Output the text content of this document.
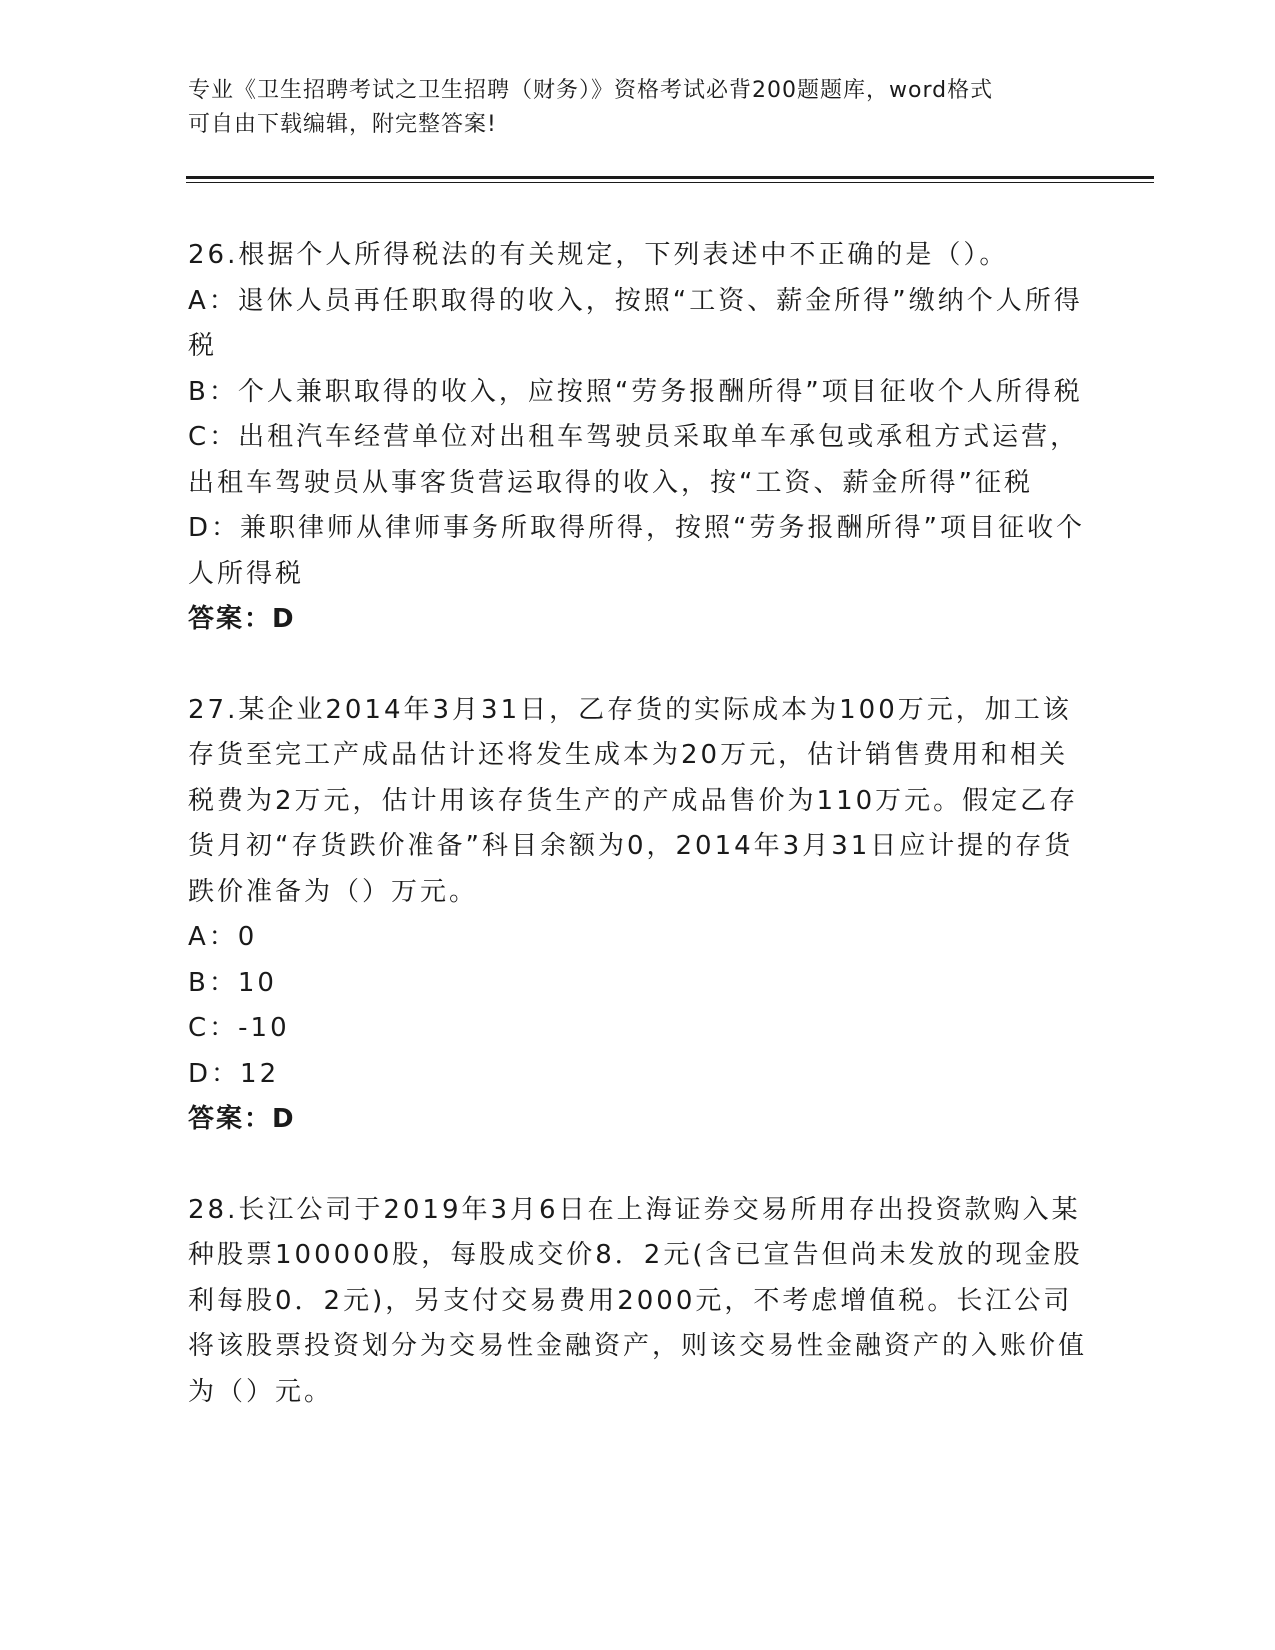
专业《卫生招聘考试之卫生招聘（财务）》资格考试必背200题题库，word格式
可自由下载编辑，附完整答案!

26.根据个人所得税法的有关规定，下列表述中不正确的是（）。

A：退休人员再任职取得的收入，按照“工资、薪金所得”缴纳个人所得税

B：个人兼职取得的收入，应按照“劳务报酬所得”项目征收个人所得税

C：出租汽车经营单位对出租车驾驶员采取单车承包或承租方式运营，出租车驾驶员从事客货营运取得的收入，按“工资、薪金所得”征税

D：兼职律师从律师事务所取得所得，按照“劳务报酬所得”项目征收个人所得税

答案：D

27.某企业2014年3月31日，乙存货的实际成本为100万元，加工该存货至完工产成品估计还将发生成本为20万元，估计销售费用和相关税费为2万元，估计用该存货生产的产成品售价为110万元。假定乙存货月初“存货跌价准备”科目余额为0，2014年3月31日应计提的存货跌价准备为（）万元。

A：0

B：10

C：-10

D：12

答案：D

28.长江公司于2019年3月6日在上海证券交易所用存出投资款购入某种股票100000股，每股成交价8．2元(含已宣告但尚未发放的现金股利每股0．2元)，另支付交易费用2000元，不考虑增值税。长江公司将该股票投资划分为交易性金融资产，则该交易性金融资产的入账价值为（）元。
